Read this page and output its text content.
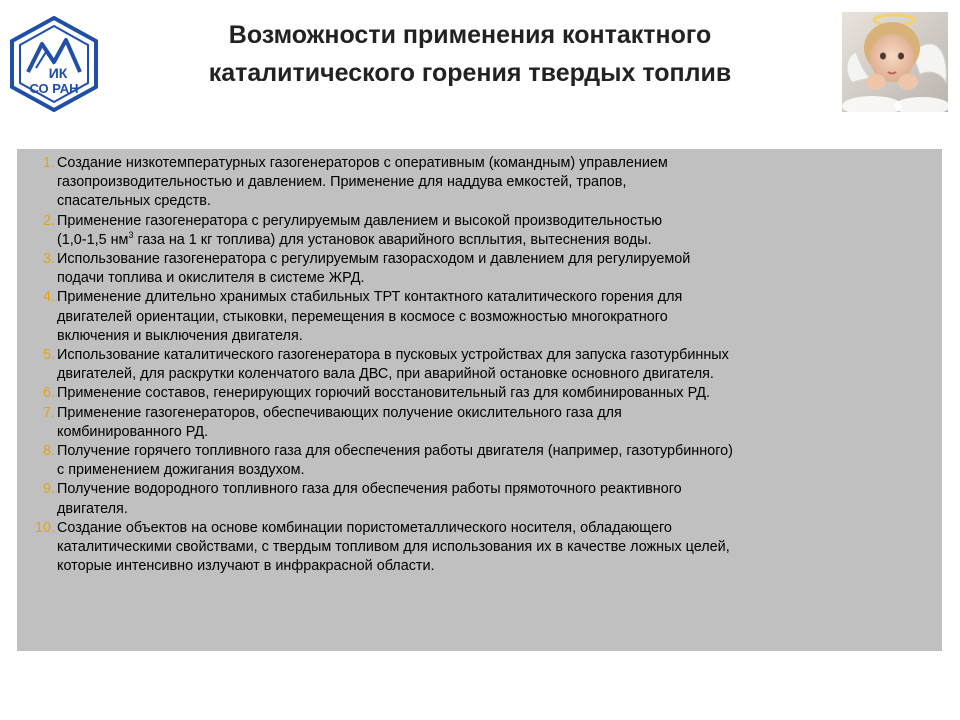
ИК
СО РАН
Возможности применения контактного
каталитического горения твердых топлив
1. Создание низкотемпературных газогенераторов с оперативным (командным) управлением
газопроизводительностью и давлением. Применение для наддува емкостей, трапов,
спасательных средств.
2. Применение газогенератора с регулируемым давлением и высокой производительностью
(1,0-1,5 $нм^3$ газа на 1 кг топлива) для установок аварийного всплытия, вытеснения воды.
3. Использование газогенератора с регулируемым газорасходом и давлением для регулируемой
подачи топлива и окислителя в системе ЖРД.
4. Применение длительно хранимых стабильных ТРТ контактного каталитического горения для
двигателей ориентации, стыковки, перемещения в космосе с возможностью многократного
включения и выключения двигателя.
5. Использование каталитического газогенератора в пусковых устройствах для запуска газотурбинных
двигателей, для раскрутки коленчатого вала ДВС, при аварийной остановке основного двигателя.
6. Применение составов, генерирующих горючий восстановительный газ для комбинированных РД.
7. Применение газогенераторов, обеспечивающих получение окислительного газа для
комбинированного РД.
8. Получение горячего топливного газа для обеспечения работы двигателя (например, газотурбинного)
с применением дожигания воздухом.
9. Получение водородного топливного газа для обеспечения работы прямоточного реактивного
двигателя.
10. Создание объектов на основе комбинации пористометаллического носителя, обладающего
каталитическими свойствами, с твердым топливом для использования их в качестве ложных целей,
которые интенсивно излучают в инфракрасной области.
